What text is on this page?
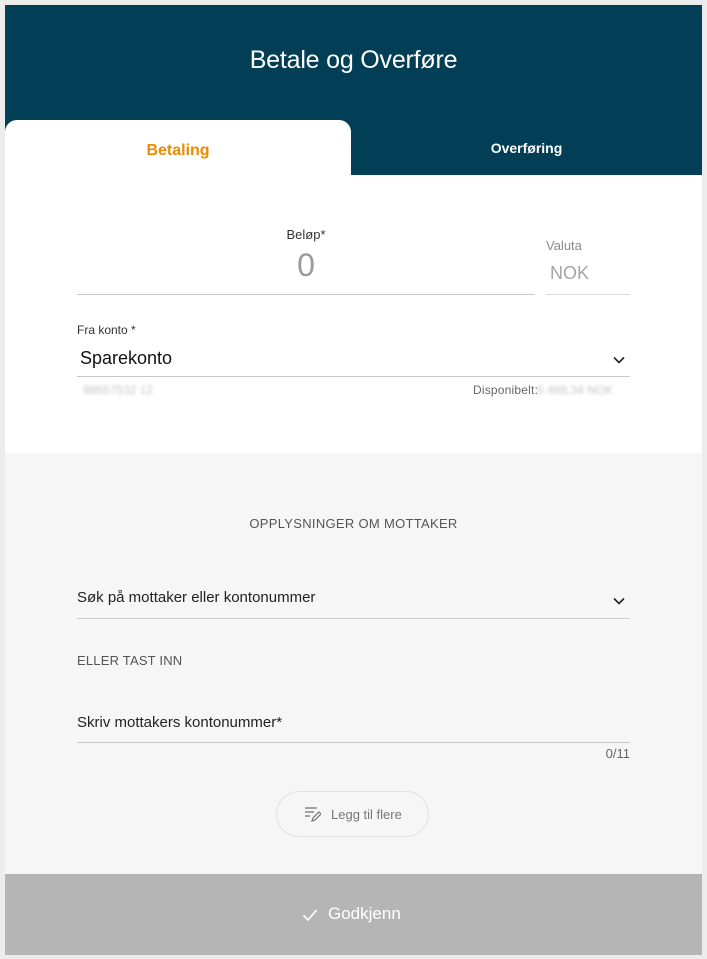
Betale og Overføre
Overføring
Beløp*
0
Valuta
NOK
Fra konto *
Sparekonto
98657532 12	Disponibelt:
5 498,34 NOK
Betaling
OPPLYSNINGER OM MOTTAKER
Søk på mottaker eller kontonummer
ELLER TAST INN
Skriv mottakers kontonummer*
0/11
Legg til flere
Godkjenn
